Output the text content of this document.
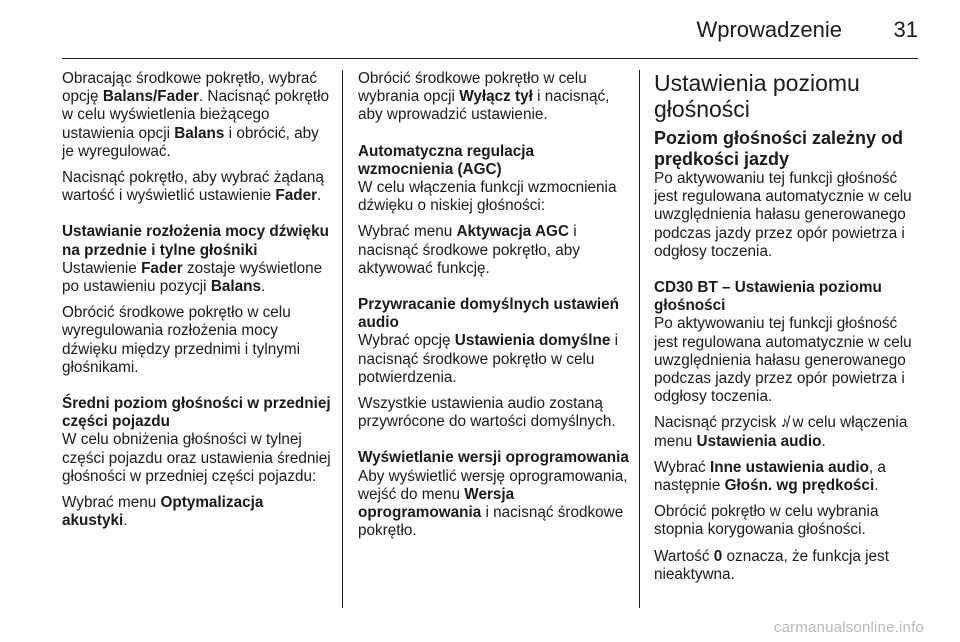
Wprowadzenie 31

Obracając środkowe pokrętło, wybrać opcję Balans/Fader. Nacisnąć pokrętło w celu wyświetlenia bieżącego ustawienia opcji Balans i obrócić, aby je wyregulować.

Nacisnąć pokrętło, aby wybrać żądaną wartość i wyświetlić ustawienie Fader.

Ustawianie rozłożenia mocy dźwięku na przednie i tylne głośniki

Ustawienie Fader zostaje wyświetlone po ustawieniu pozycji Balans.

Obrócić środkowe pokrętło w celu wyregulowania rozłożenia mocy dźwięku między przednimi i tylnymi głośnikami.

Średni poziom głośności w przedniej części pojazdu

W celu obniżenia głośności w tylnej części pojazdu oraz ustawienia średniej głośności w przedniej części pojazdu:

Wybrać menu Optymalizacja akustyki.

Obrócić środkowe pokrętło w celu wybrania opcji Wyłącz tył i nacisnąć, aby wprowadzić ustawienie.

Automatyczna regulacja wzmocnienia (AGC)

W celu włączenia funkcji wzmocnienia dźwięku o niskiej głośności:

Wybrać menu Aktywacja AGC i nacisnąć środkowe pokrętło, aby aktywować funkcję.

Przywracanie domyślnych ustawień audio

Wybrać opcję Ustawienia domyślne i nacisnąć środkowe pokrętło w celu potwierdzenia.

Wszystkie ustawienia audio zostaną przywrócone do wartości domyślnych.

Wyświetlanie wersji oprogramowania

Aby wyświetlić wersję oprogramowania, wejść do menu Wersja oprogramowania i nacisnąć środkowe pokrętło.

Ustawienia poziomu głośności
Poziom głośności zależny od prędkości jazdy

Po aktywowaniu tej funkcji głośność jest regulowana automatycznie w celu uwzględnienia hałasu generowanego podczas jazdy przez opór powietrza i odgłosy toczenia.

CD30 BT – Ustawienia poziomu głośności

Po aktywowaniu tej funkcji głośność jest regulowana automatycznie w celu uwzględnienia hałasu generowanego podczas jazdy przez opór powietrza i odgłosy toczenia.

Nacisnąć przycisk ♪̸ w celu włączenia menu Ustawienia audio.

Wybrać Inne ustawienia audio, a następnie Głośn. wg prędkości.

Obrócić pokrętło w celu wybrania stopnia korygowania głośności.

Wartość 0 oznacza, że funkcja jest nieaktywna.

carmanualsonline.info
